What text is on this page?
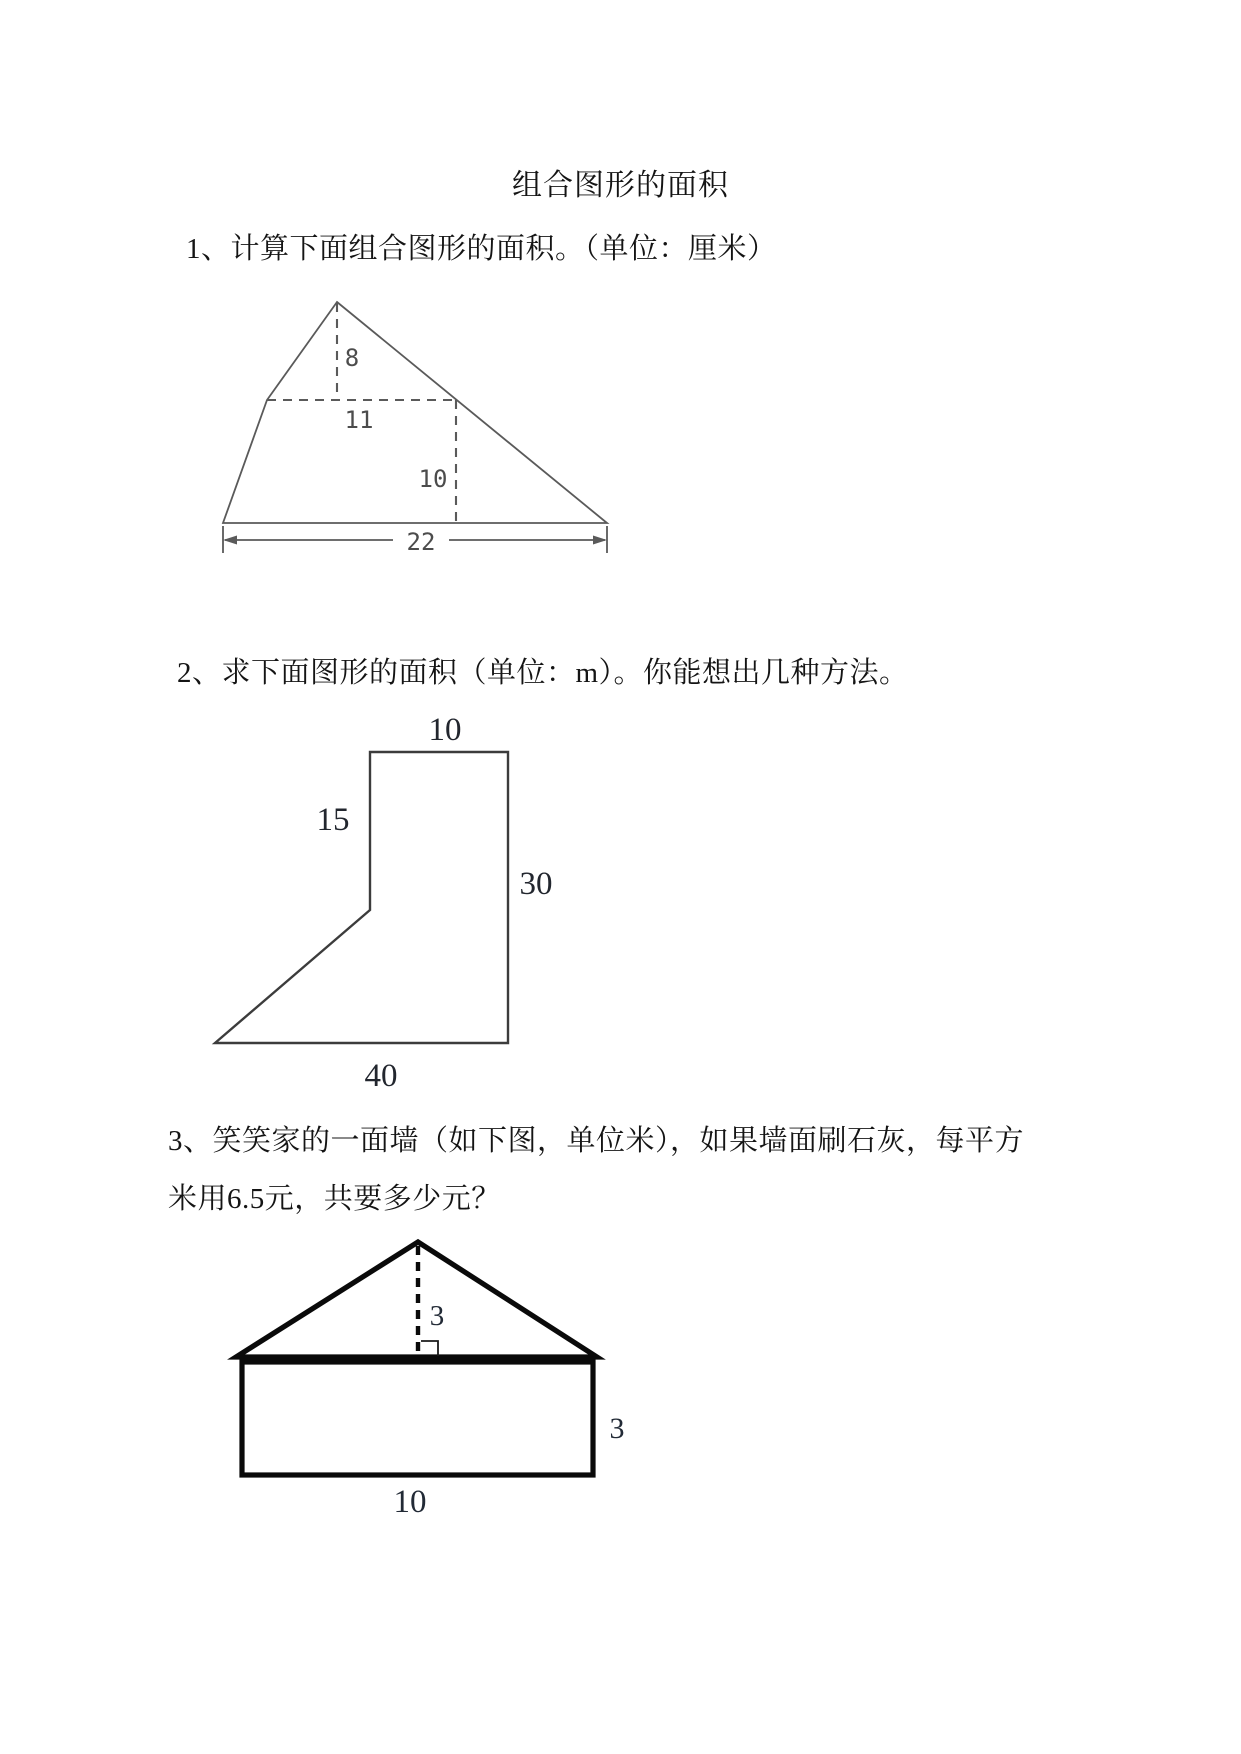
组合图形的面积
1、计算下面组合图形的面积。（单位：厘米）
8
11
10
22
2、求下面图形的面积（单位：m）。你能想出几种方法。
10
15
30
40
3、笑笑家的一面墙（如下图，单位米），如果墙面刷石灰，每平方
米用6.5元，共要多少元？
3
3
10
